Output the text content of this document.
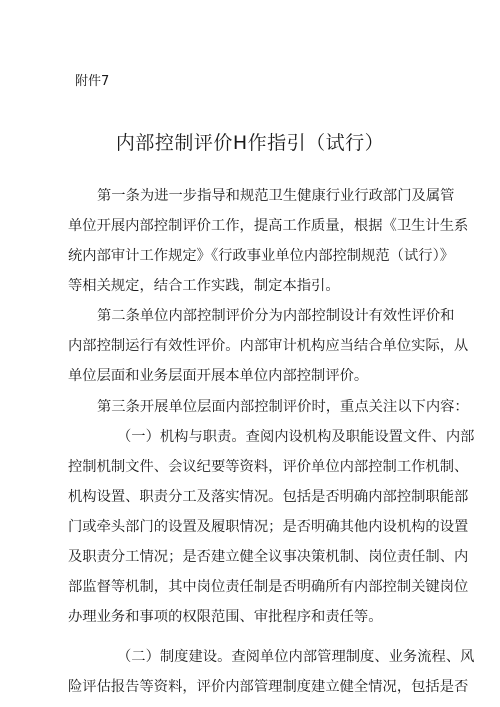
附件7
内部控制评价H作指引（试行）
第一条为进一步指导和规范卫生健康行业行政部门及属管
单位开展内部控制评价工作，提高工作质量，根据《卫生计生系
统内部审计工作规定》《行政事业单位内部控制规范（试行）》
等相关规定，结合工作实践，制定本指引。
第二条单位内部控制评价分为内部控制设计有效性评价和
内部控制运行有效性评价。内部审计机构应当结合单位实际，从
单位层面和业务层面开展本单位内部控制评价。
第三条开展单位层面内部控制评价时，重点关注以下内容：
（一）机构与职责。查阅内设机构及职能设置文件、内部
控制机制文件、会议纪要等资料，评价单位内部控制工作机制、
机构设置、职责分工及落实情况。包括是否明确内部控制职能部
门或牵头部门的设置及履职情况；是否明确其他内设机构的设置
及职责分工情况；是否建立健全议事决策机制、岗位责任制、内
部监督等机制，其中岗位责任制是否明确所有内部控制关键岗位
办理业务和事项的权限范围、审批程序和责任等。
（二）制度建设。查阅单位内部管理制度、业务流程、风
险评估报告等资料，评价内部管理制度建立健全情况，包括是否
